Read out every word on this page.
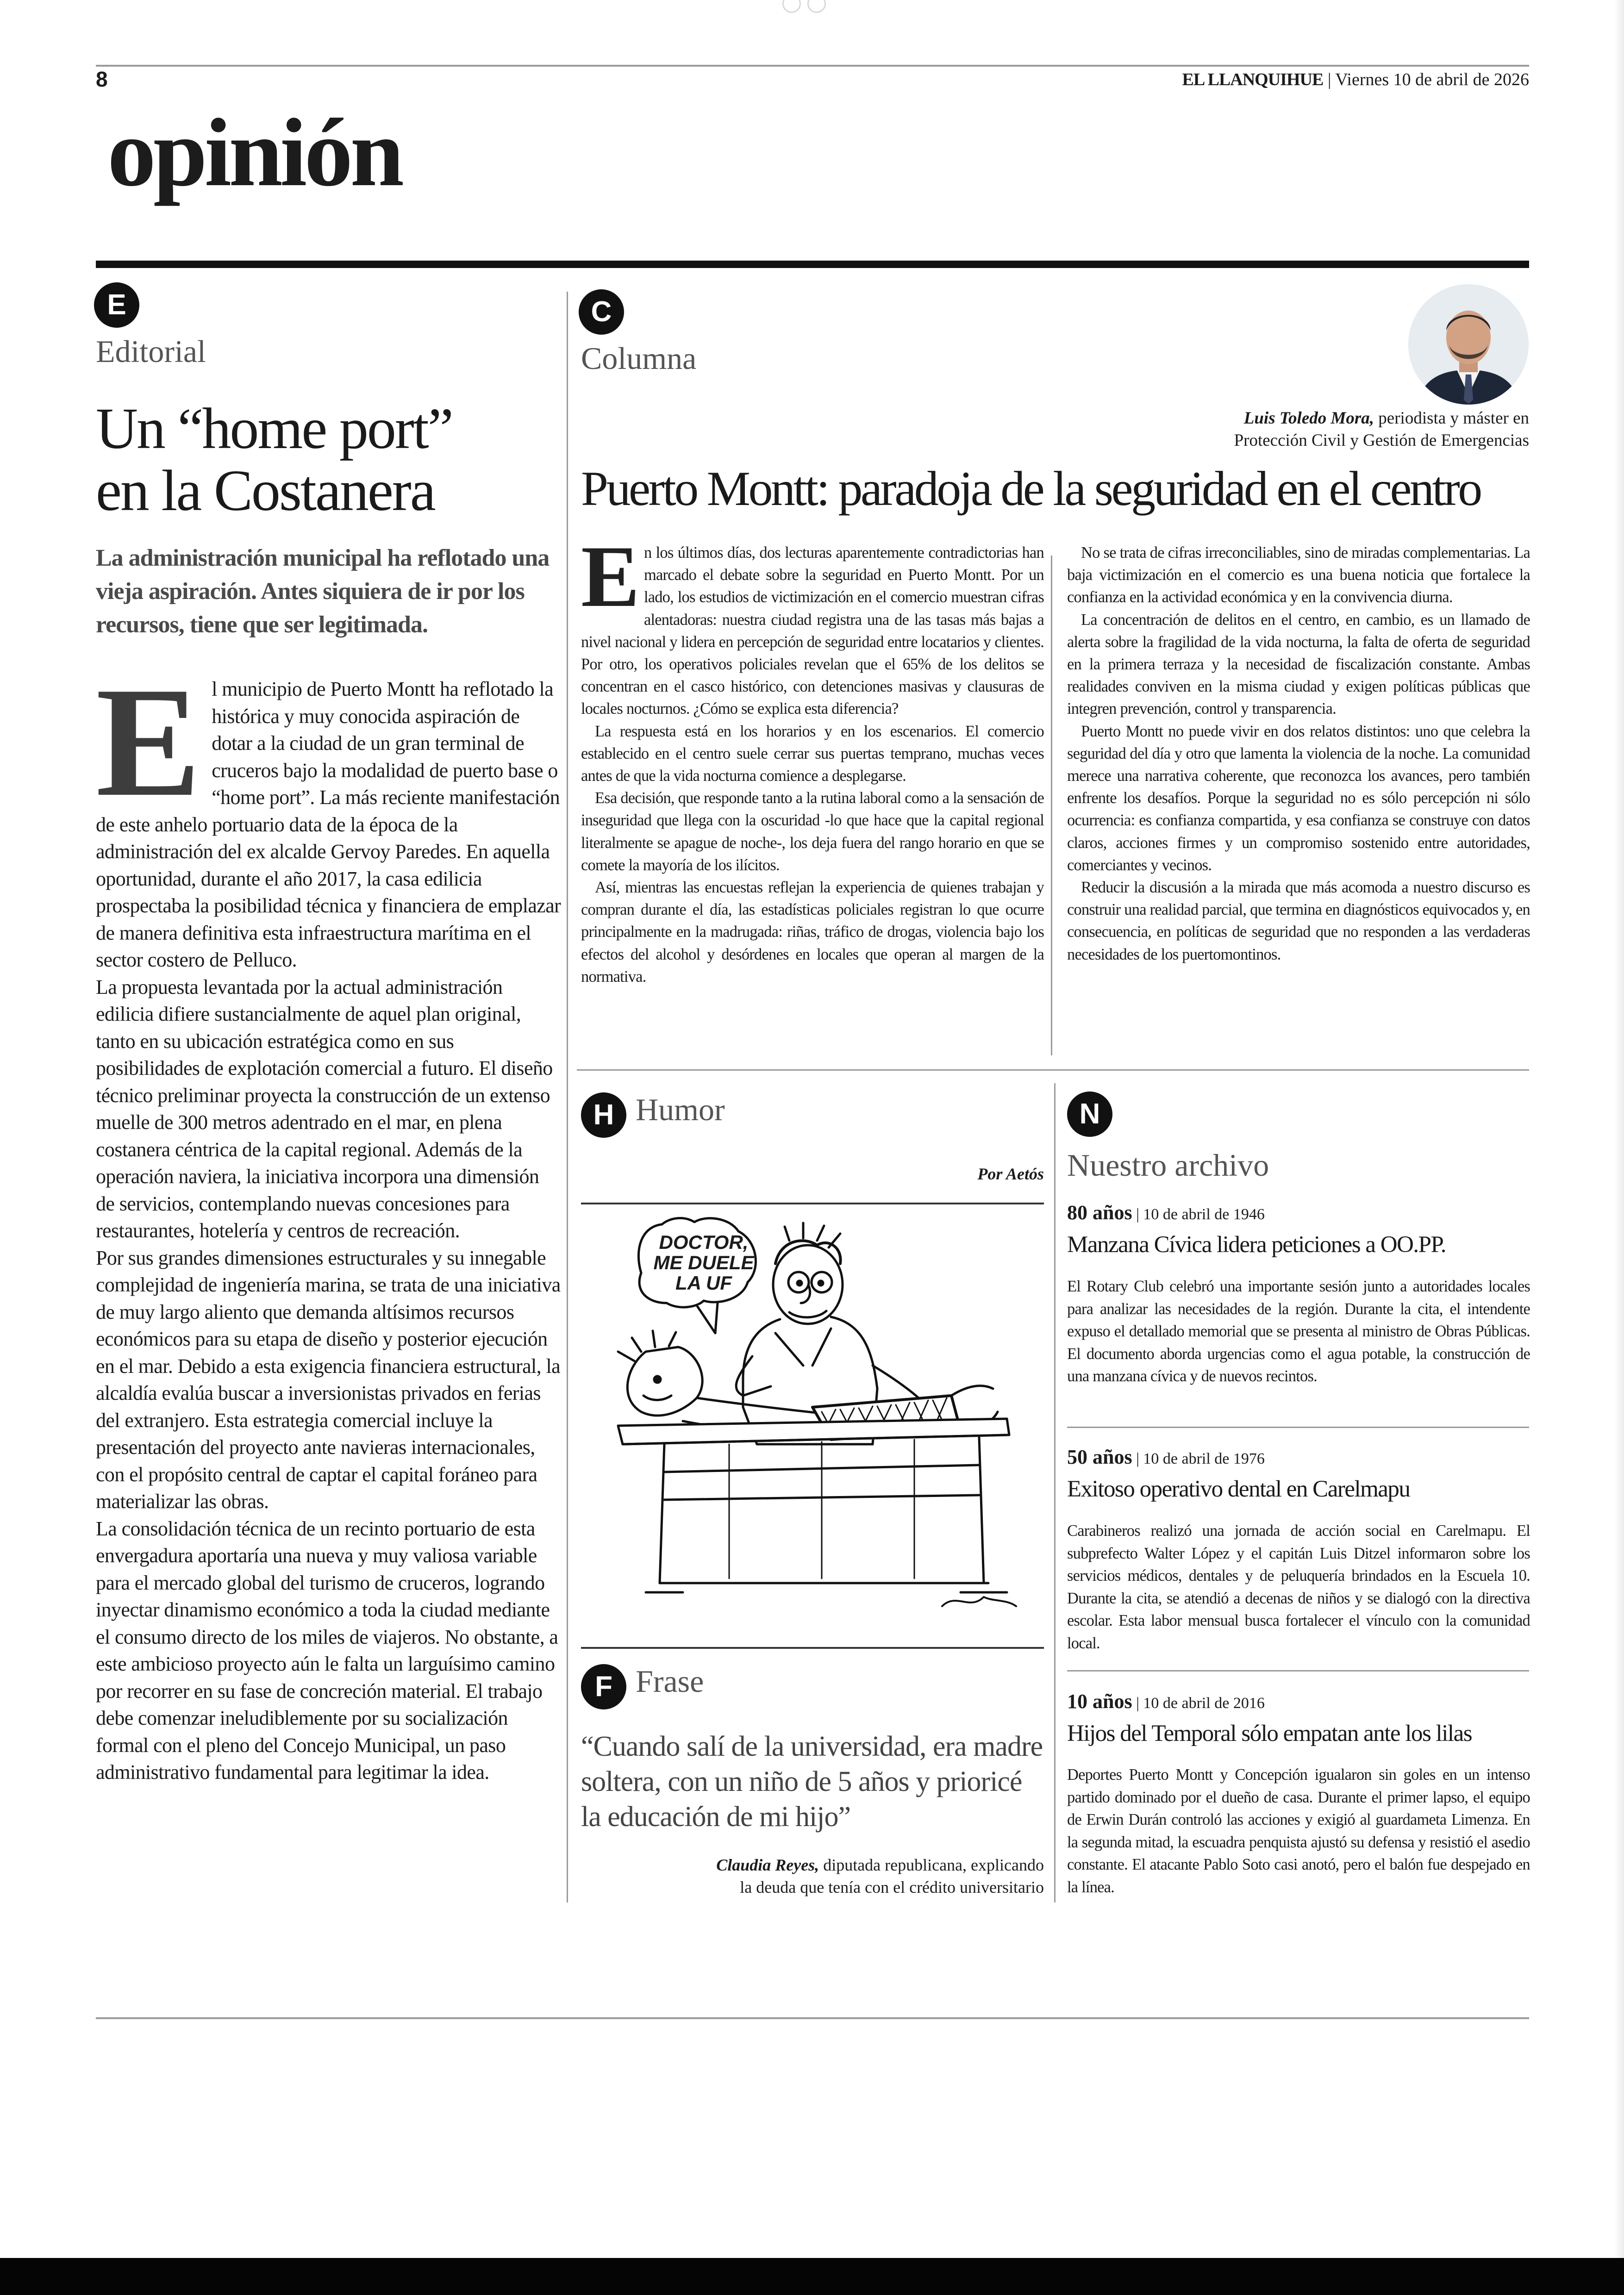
8	EL LLANQUIHUE | Viernes 10 de abril de 2026
opinión
E
Editorial
Un “home port”
en la Costanera
La administración municipal ha reflotado una vieja aspiración. Antes siquiera de ir por los recursos, tiene que ser legitimada.

El municipio de Puerto Montt ha reflotado la histórica y muy conocida aspiración de dotar a la ciudad de un gran terminal de cruceros bajo la modalidad de puerto base o “home port”. La más reciente manifestación de este anhelo portuario data de la época de la administración del ex alcalde Gervoy Paredes. En aquella oportunidad, durante el año 2017, la casa edilicia prospectaba la posibilidad técnica y financiera de emplazar de manera definitiva esta infraestructura marítima en el sector costero de Pelluco.

La propuesta levantada por la actual administración edilicia difiere sustancialmente de aquel plan original, tanto en su ubicación estratégica como en sus posibilidades de explotación comercial a futuro. El diseño técnico preliminar proyecta la construcción de un extenso muelle de 300 metros adentrado en el mar, en plena costanera céntrica de la capital regional. Además de la operación naviera, la iniciativa incorpora una dimensión de servicios, contemplando nuevas concesiones para restaurantes, hotelería y centros de recreación.

Por sus grandes dimensiones estructurales y su innegable complejidad de ingeniería marina, se trata de una iniciativa de muy largo aliento que demanda altísimos recursos económicos para su etapa de diseño y posterior ejecución en el mar. Debido a esta exigencia financiera estructural, la alcaldía evalúa buscar a inversionistas privados en ferias del extranjero. Esta estrategia comercial incluye la presentación del proyecto ante navieras internacionales, con el propósito central de captar el capital foráneo para materializar las obras.

La consolidación técnica de un recinto portuario de esta envergadura aportaría una nueva y muy valiosa variable para el mercado global del turismo de cruceros, logrando inyectar dinamismo económico a toda la ciudad mediante el consumo directo de los miles de viajeros. No obstante, a este ambicioso proyecto aún le falta un larguísimo camino por recorrer en su fase de concreción material. El trabajo debe comenzar ineludiblemente por su socialización formal con el pleno del Concejo Municipal, un paso administrativo fundamental para legitimar la idea.

C
Columna
Luis Toledo Mora, periodista y máster en
Protección Civil y Gestión de Emergencias
Puerto Montt: paradoja de la seguridad en el centro

En los últimos días, dos lecturas aparentemente contradictorias han marcado el debate sobre la seguridad en Puerto Montt. Por un lado, los estudios de victimización en el comercio muestran cifras alentadoras: nuestra ciudad registra una de las tasas más bajas a nivel nacional y lidera en percepción de seguridad entre locatarios y clientes. Por otro, los operativos policiales revelan que el 65% de los delitos se concentran en el casco histórico, con detenciones masivas y clausuras de locales nocturnos. ¿Cómo se explica esta diferencia?

La respuesta está en los horarios y en los escenarios. El comercio establecido en el centro suele cerrar sus puertas temprano, muchas veces antes de que la vida nocturna comience a desplegarse.

Esa decisión, que responde tanto a la rutina laboral como a la sensación de inseguridad que llega con la oscuridad -lo que hace que la capital regional literalmente se apague de noche-, los deja fuera del rango horario en que se comete la mayoría de los ilícitos.

Así, mientras las encuestas reflejan la experiencia de quienes trabajan y compran durante el día, las estadísticas policiales registran lo que ocurre principalmente en la madrugada: riñas, tráfico de drogas, violencia bajo los efectos del alcohol y desórdenes en locales que operan al margen de la normativa.

No se trata de cifras irreconciliables, sino de miradas complementarias. La baja victimización en el comercio es una buena noticia que fortalece la confianza en la actividad económica y en la convivencia diurna.

La concentración de delitos en el centro, en cambio, es un llamado de alerta sobre la fragilidad de la vida nocturna, la falta de oferta de seguridad en la primera terraza y la necesidad de fiscalización constante. Ambas realidades conviven en la misma ciudad y exigen políticas públicas que integren prevención, control y transparencia.

Puerto Montt no puede vivir en dos relatos distintos: uno que celebra la seguridad del día y otro que lamenta la violencia de la noche. La comunidad merece una narrativa coherente, que reconozca los avances, pero también enfrente los desafíos. Porque la seguridad no es sólo percepción ni sólo ocurrencia: es confianza compartida, y esa confianza se construye con datos claros, acciones firmes y un compromiso sostenido entre autoridades, comerciantes y vecinos.

Reducir la discusión a la mirada que más acomoda a nuestro discurso es construir una realidad parcial, que termina en diagnósticos equivocados y, en consecuencia, en políticas de seguridad que no responden a las verdaderas necesidades de los puertomontinos.

H Humor
Por Aetós
DOCTOR,
ME DUELE
LA UF
F Frase
“Cuando salí de la universidad, era madre soltera, con un niño de 5 años y prioricé la educación de mi hijo”
Claudia Reyes, diputada republicana, explicando
la deuda que tenía con el crédito universitario
N
Nuestro archivo
80 años | 10 de abril de 1946
Manzana Cívica lidera peticiones a OO.PP.
El Rotary Club celebró una importante sesión junto a autoridades locales para analizar las necesidades de la región. Durante la cita, el intendente expuso el detallado memorial que se presenta al ministro de Obras Públicas. El documento aborda urgencias como el agua potable, la construcción de una manzana cívica y de nuevos recintos.
50 años | 10 de abril de 1976
Exitoso operativo dental en Carelmapu
Carabineros realizó una jornada de acción social en Carelmapu. El subprefecto Walter López y el capitán Luis Ditzel informaron sobre los servicios médicos, dentales y de peluquería brindados en la Escuela 10. Durante la cita, se atendió a decenas de niños y se dialogó con la directiva escolar. Esta labor mensual busca fortalecer el vínculo con la comunidad local.
10 años | 10 de abril de 2016
Hijos del Temporal sólo empatan ante los lilas
Deportes Puerto Montt y Concepción igualaron sin goles en un intenso partido dominado por el dueño de casa. Durante el primer lapso, el equipo de Erwin Durán controló las acciones y exigió al guardameta Limenza. En la segunda mitad, la escuadra penquista ajustó su defensa y resistió el asedio constante. El atacante Pablo Soto casi anotó, pero el balón fue despejado en la línea.
